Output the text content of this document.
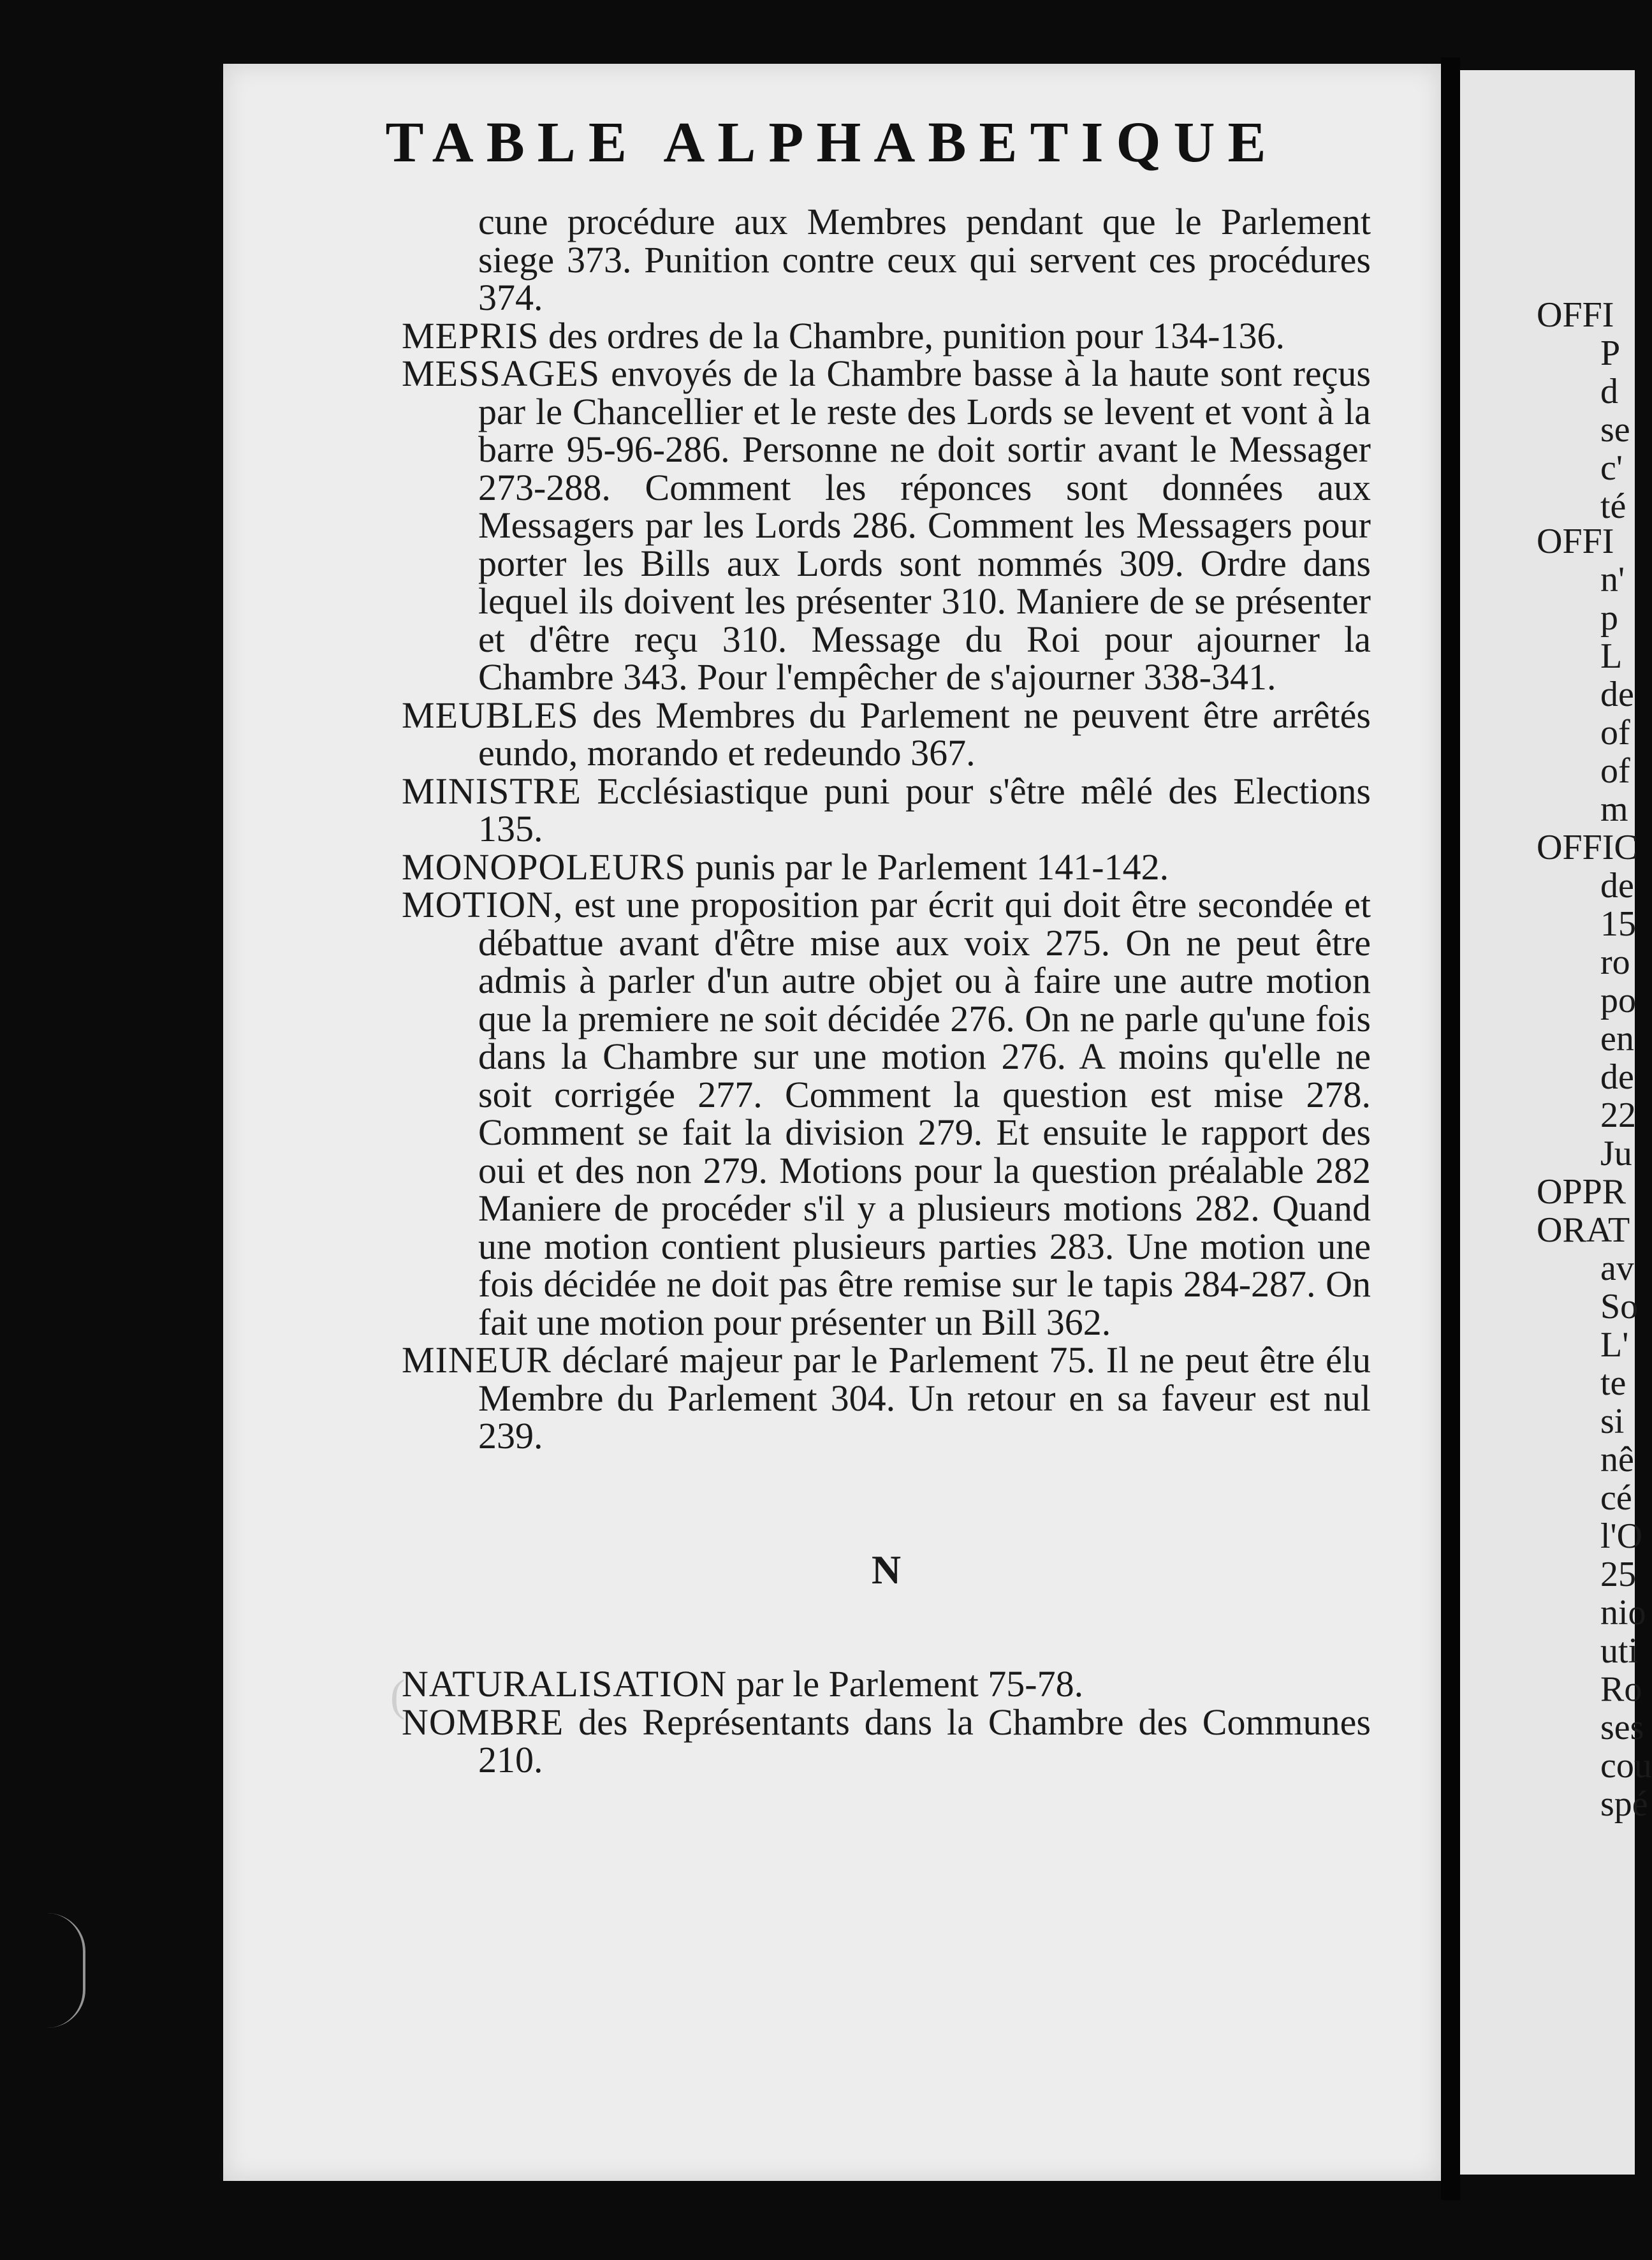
TABLE ALPHABETIQUE

cune procédure aux Membres pendant que le Parlement siege 373. Punition contre ceux qui servent ces procédures 374.

MEPRIS des ordres de la Chambre, punition pour 134-136.

MESSAGES envoyés de la Chambre basse à la haute sont reçus par le Chancellier et le reste des Lords se levent et vont à la barre 95-96-286. Personne ne doit sortir avant le Messager 273-288. Comment les réponces sont données aux Messagers par les Lords 286. Comment les Messagers pour porter les Bills aux Lords sont nommés 309. Ordre dans lequel ils doivent les présenter 310. Maniere de se présenter et d'être reçu 310. Message du Roi pour ajourner la Chambre 343. Pour l'empêcher de s'ajourner 338-341.

MEUBLES des Membres du Parlement ne peuvent être arrêtés eundo, morando et redeundo 367.

MINISTRE Ecclésiastique puni pour s'être mêlé des Elections 135.

MONOPOLEURS punis par le Parlement 141-142.

MOTION, est une proposition par écrit qui doit être secondée et débattue avant d'être mise aux voix 275. On ne peut être admis à parler d'un autre objet ou à faire une autre motion que la premiere ne soit décidée 276. On ne parle qu'une fois dans la Chambre sur une motion 276. A moins qu'elle ne soit corrigée 277. Comment la question est mise 278. Comment se fait la division 279. Et ensuite le rapport des oui et des non 279. Motions pour la question préalable 282 Maniere de procéder s'il y a plusieurs motions 282. Quand une motion contient plusieurs parties 283. Une motion une fois décidée ne doit pas être remise sur le tapis 284-287. On fait une motion pour présenter un Bill 362.

MINEUR déclaré majeur par le Parlement 75. Il ne peut être élu Membre du Parlement 304. Un retour en sa faveur est nul 239.

N

NATURALISATION par le Parlement 75-78.

NOMBRE des Représentants dans la Chambre des Communes 210.

(
OFFI
P
d
se
c'
té
OFFI
n'
p
L
de
of
of
m
OFFIC
de
15
ro
po
en
de
22
Ju
OPPR
ORAT
av
So
L'
te
si
nê
cé
l'O
25
nio
uti
Ro
ses
cou
spé
